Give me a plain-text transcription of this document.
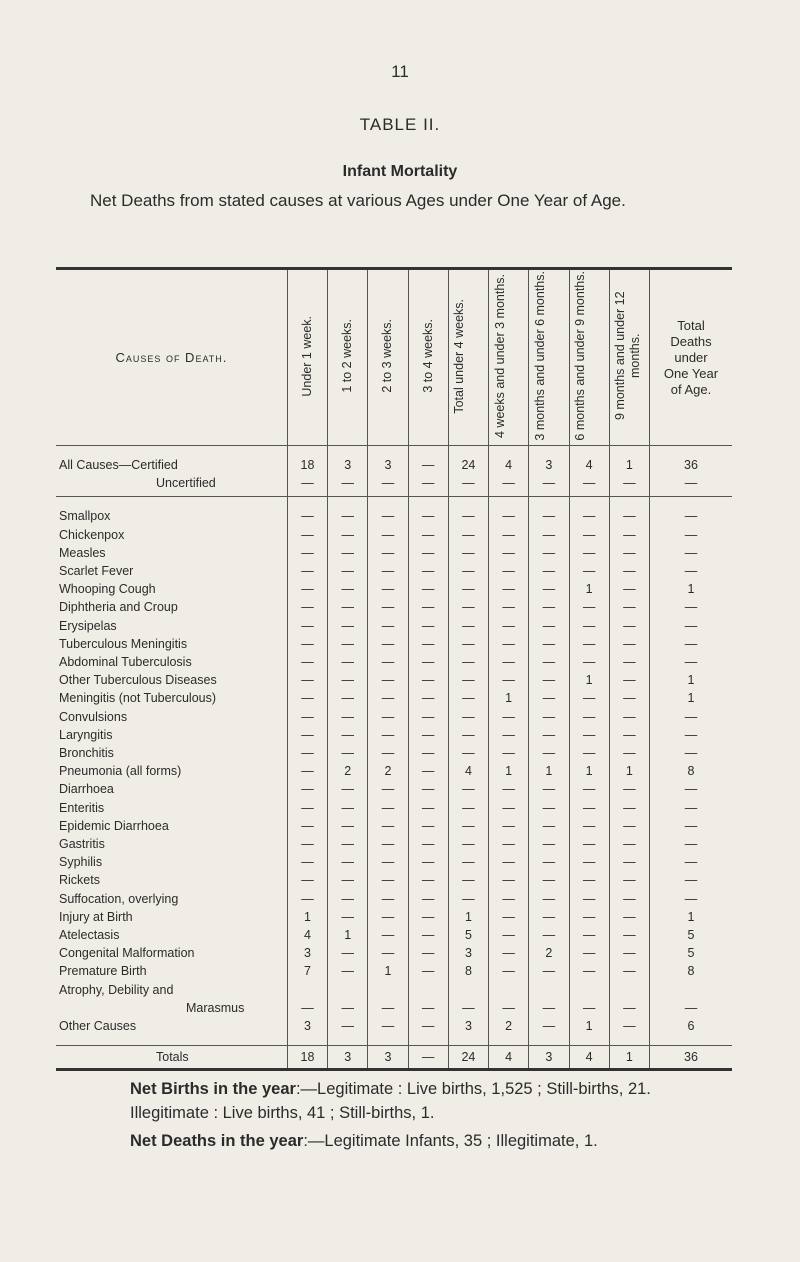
11
TABLE II.
Infant Mortality
Net Deaths from stated causes at various Ages under One Year of Age.
Causes of Death.	Under 1 week.	1 to 2 weeks.	2 to 3 weeks.	3 to 4 weeks.	Total under 4 weeks.	4 weeks and under 3 months.	3 months and under 6 months.	6 months and under 9 months.	9 months and under 12 months.	Total Deaths under One Year of Age.

All Causes—Certified	18	3	3	—	24	4	3	4	1	36
Uncertified	—	—	—	—	—	—	—	—	—	—

Smallpox	—	—	—	—	—	—	—	—	—	—
Chickenpox	—	—	—	—	—	—	—	—	—	—
Measles	—	—	—	—	—	—	—	—	—	—
Scarlet Fever	—	—	—	—	—	—	—	—	—	—
Whooping Cough	—	—	—	—	—	—	—	1	—	1
Diphtheria and Croup	—	—	—	—	—	—	—	—	—	—
Erysipelas	—	—	—	—	—	—	—	—	—	—
Tuberculous Meningitis	—	—	—	—	—	—	—	—	—	—
Abdominal Tuberculosis	—	—	—	—	—	—	—	—	—	—
Other Tuberculous Diseases	—	—	—	—	—	—	—	1	—	1
Meningitis (not Tuberculous)	—	—	—	—	—	1	—	—	—	1
Convulsions	—	—	—	—	—	—	—	—	—	—
Laryngitis	—	—	—	—	—	—	—	—	—	—
Bronchitis	—	—	—	—	—	—	—	—	—	—
Pneumonia (all forms)	—	2	2	—	4	1	1	1	1	8
Diarrhoea	—	—	—	—	—	—	—	—	—	—
Enteritis	—	—	—	—	—	—	—	—	—	—
Epidemic Diarrhoea	—	—	—	—	—	—	—	—	—	—
Gastritis	—	—	—	—	—	—	—	—	—	—
Syphilis	—	—	—	—	—	—	—	—	—	—
Rickets	—	—	—	—	—	—	—	—	—	—
Suffocation, overlying	—	—	—	—	—	—	—	—	—	—
Injury at Birth	1	—	—	—	1	—	—	—	—	1
Atelectasis	4	1	—	—	5	—	—	—	—	5
Congenital Malformation	3	—	—	—	3	—	2	—	—	5
Premature Birth	7	—	1	—	8	—	—	—	—	8
Atrophy, Debility and										
Marasmus	—	—	—	—	—	—	—	—	—	—
Other Causes	3	—	—	—	3	2	—	1	—	6

Totals	18	3	3	—	24	4	3	4	1	36
Net Births in the year:—Legitimate : Live births, 1,525 ; Still-births, 21. Illegitimate : Live births, 41 ; Still-births, 1.
Net Deaths in the year:—Legitimate Infants, 35 ; Illegitimate, 1.
